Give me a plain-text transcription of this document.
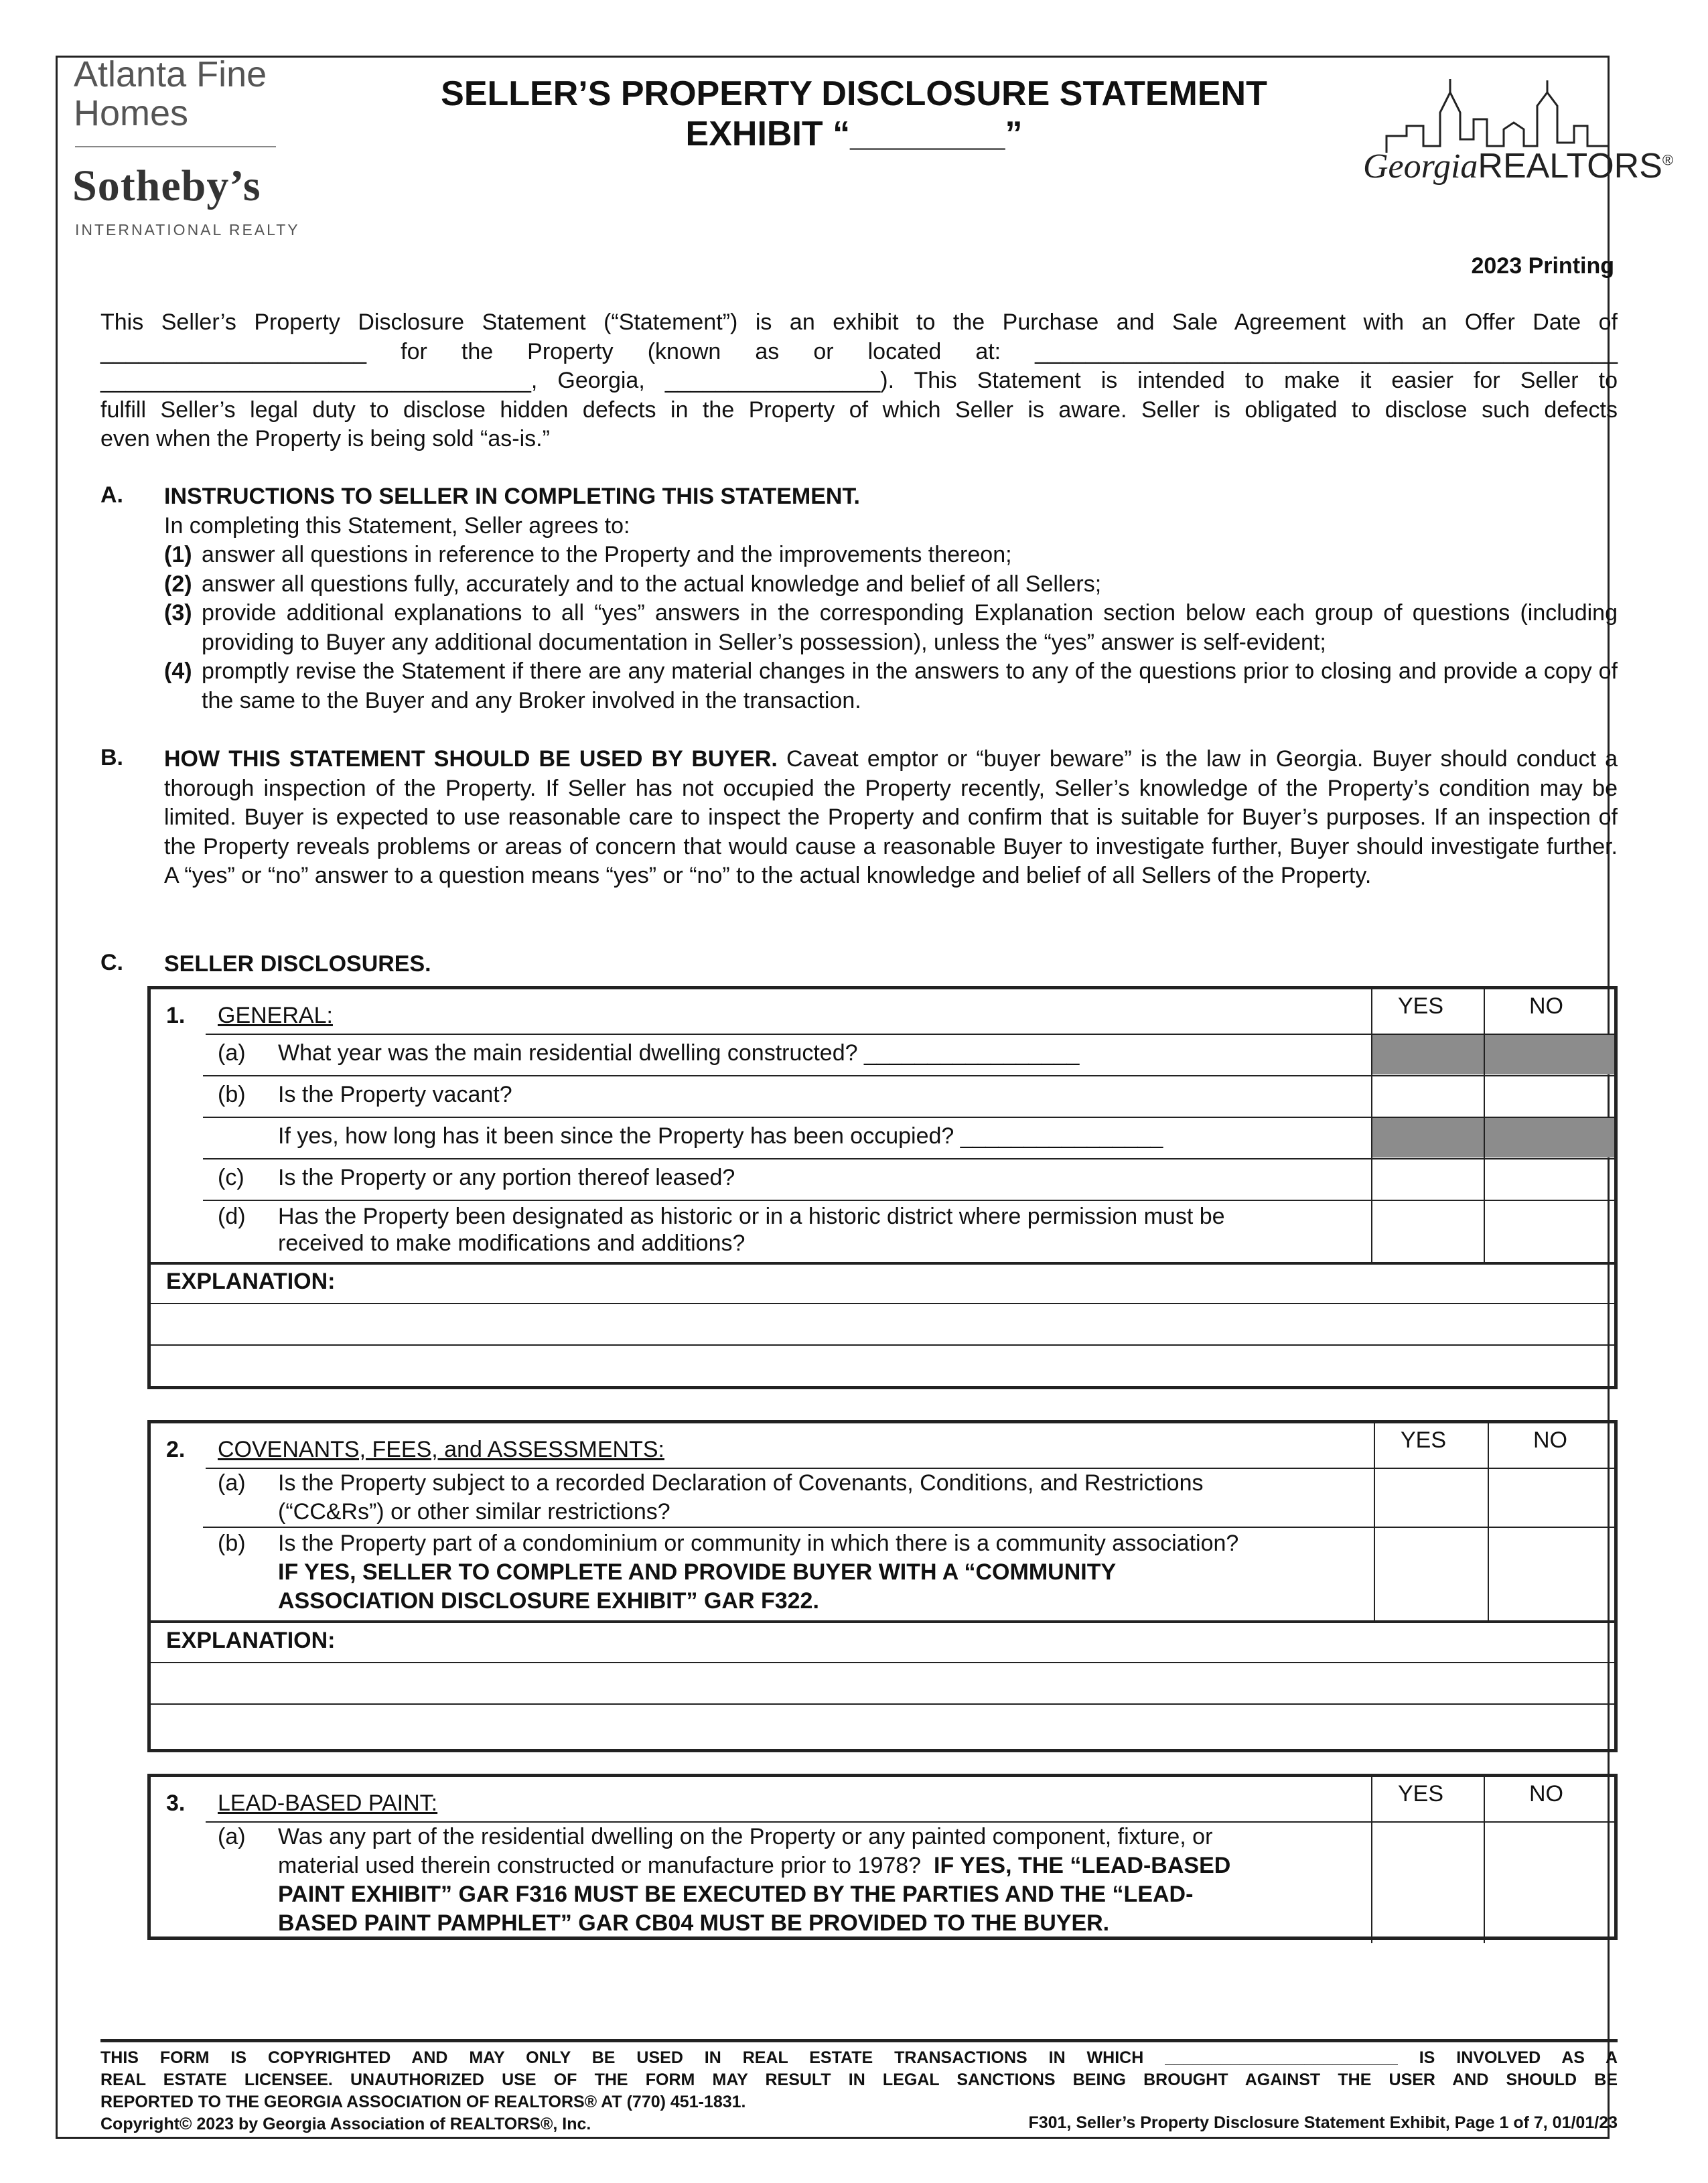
Atlanta Fine
Homes
Sotheby’s
INTERNATIONAL REALTY
SELLER’S PROPERTY DISCLOSURE STATEMENT
EXHIBIT “________”
GeorgiaREALTORS®
2023 Printing
This Seller’s Property Disclosure Statement (“Statement”) is an exhibit to the Purchase and Sale Agreement with an Offer Date of
_____________________ for the Property (known as or located at: ______________________________________________
__________________________________, Georgia, _________________). This Statement is intended to make it easier for Seller to
fulfill Seller’s legal duty to disclose hidden defects in the Property of which Seller is aware. Seller is obligated to disclose such defects
even when the Property is being sold “as-is.”
A. INSTRUCTIONS TO SELLER IN COMPLETING THIS STATEMENT.
In completing this Statement, Seller agrees to:
(1) answer all questions in reference to the Property and the improvements thereon;
(2) answer all questions fully, accurately and to the actual knowledge and belief of all Sellers;
(3) provide additional explanations to all “yes” answers in the corresponding Explanation section below each group of questions (including providing to Buyer any additional documentation in Seller’s possession), unless the “yes” answer is self-evident;
(4) promptly revise the Statement if there are any material changes in the answers to any of the questions prior to closing and provide a copy of the same to the Buyer and any Broker involved in the transaction.
B. HOW THIS STATEMENT SHOULD BE USED BY BUYER. Caveat emptor or “buyer beware” is the law in Georgia. Buyer should conduct a thorough inspection of the Property. If Seller has not occupied the Property recently, Seller’s knowledge of the Property’s condition may be limited. Buyer is expected to use reasonable care to inspect the Property and confirm that is suitable for Buyer’s purposes. If an inspection of the Property reveals problems or areas of concern that would cause a reasonable Buyer to investigate further, Buyer should investigate further. A “yes” or “no” answer to a question means “yes” or “no” to the actual knowledge and belief of all Sellers of the Property.
C. SELLER DISCLOSURES.
1. GENERAL:	YES	NO
(a) What year was the main residential dwelling constructed? _________________
(b) Is the Property vacant?
If yes, how long has it been since the Property has been occupied? ________________
(c) Is the Property or any portion thereof leased?
(d) Has the Property been designated as historic or in a historic district where permission must be
received to make modifications and additions?
EXPLANATION:
2. COVENANTS, FEES, and ASSESSMENTS:	YES	NO
(a) Is the Property subject to a recorded Declaration of Covenants, Conditions, and Restrictions
(“CC&Rs”) or other similar restrictions?
(b) Is the Property part of a condominium or community in which there is a community association?
IF YES, SELLER TO COMPLETE AND PROVIDE BUYER WITH A “COMMUNITY
ASSOCIATION DISCLOSURE EXHIBIT” GAR F322.
EXPLANATION:
3. LEAD-BASED PAINT:	YES	NO
(a) Was any part of the residential dwelling on the Property or any painted component, fixture, or
material used therein constructed or manufacture prior to 1978? IF YES, THE “LEAD-BASED
PAINT EXHIBIT” GAR F316 MUST BE EXECUTED BY THE PARTIES AND THE “LEAD-
BASED PAINT PAMPHLET” GAR CB04 MUST BE PROVIDED TO THE BUYER.
THIS FORM IS COPYRIGHTED AND MAY ONLY BE USED IN REAL ESTATE TRANSACTIONS IN WHICH _________________________ IS INVOLVED AS A
REAL ESTATE LICENSEE. UNAUTHORIZED USE OF THE FORM MAY RESULT IN LEGAL SANCTIONS BEING BROUGHT AGAINST THE USER AND SHOULD BE
REPORTED TO THE GEORGIA ASSOCIATION OF REALTORS® AT (770) 451-1831.
Copyright© 2023 by Georgia Association of REALTORS®, Inc.	F301, Seller’s Property Disclosure Statement Exhibit, Page 1 of 7, 01/01/23
